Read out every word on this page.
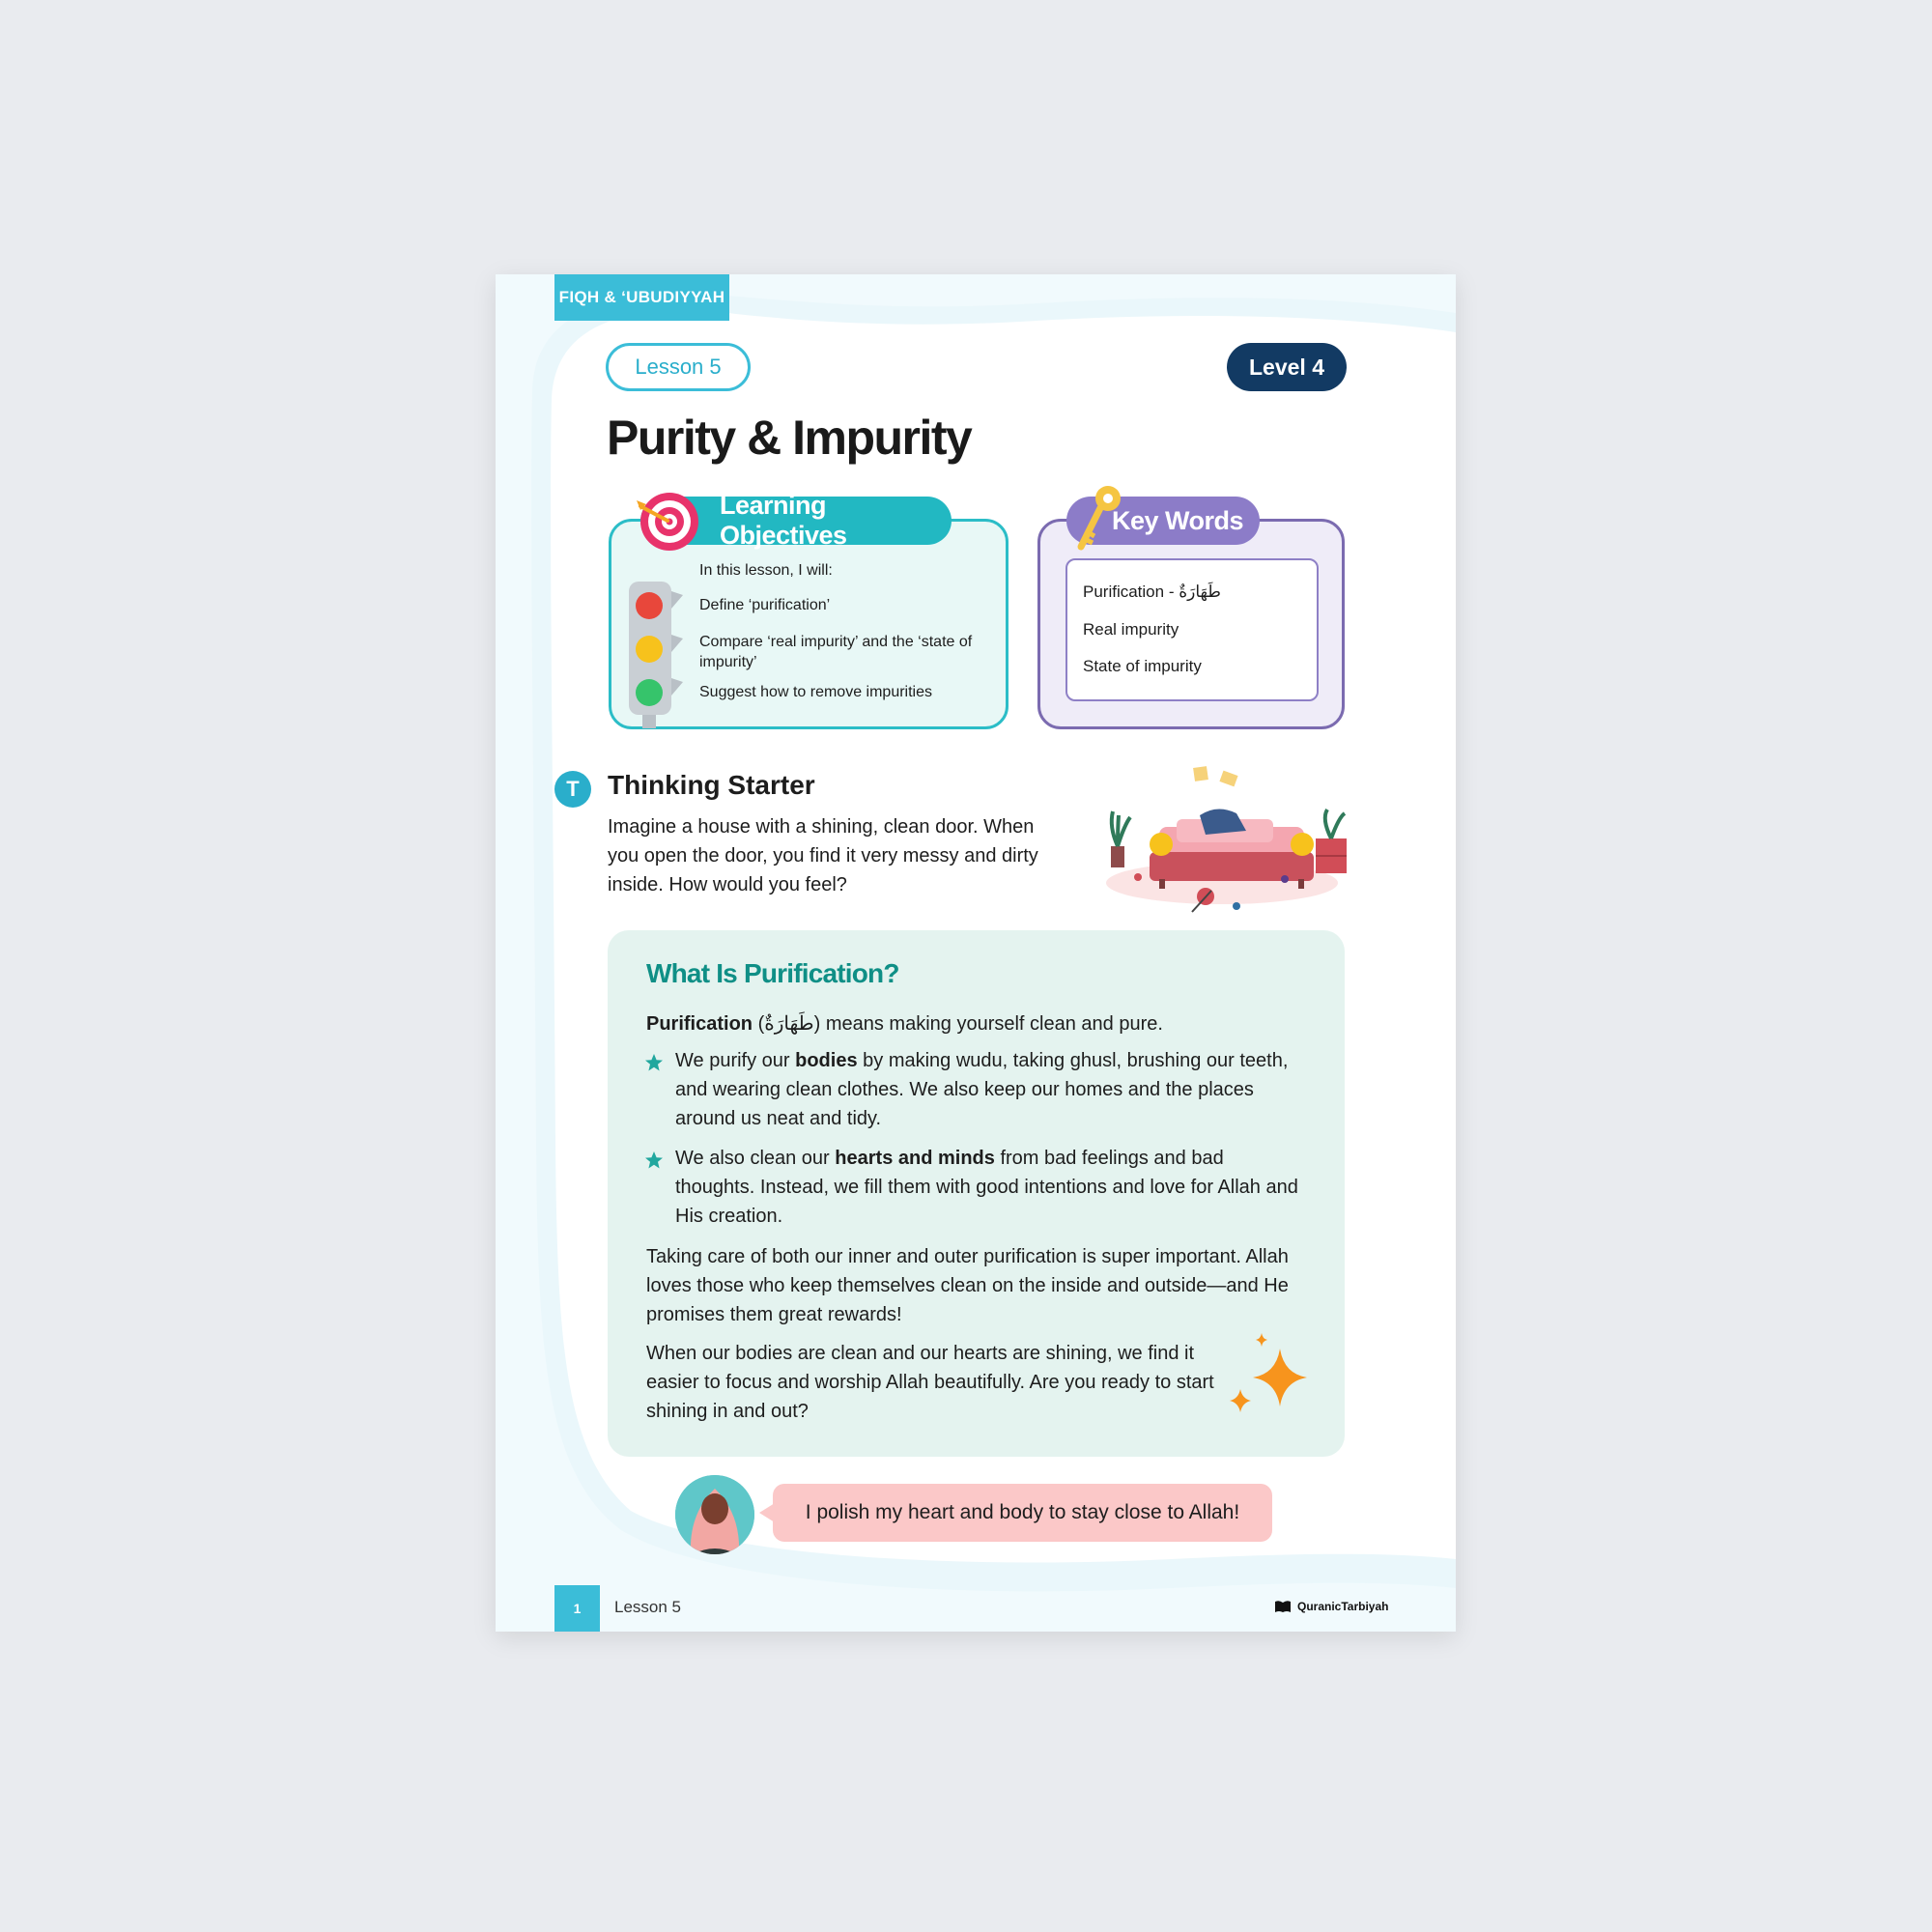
FIQH & ‘UBUDIYYAH
Lesson 5	Level 4
Purity & Impurity
Learning Objectives
In this lesson, I will:
Define ‘purification’
Compare ‘real impurity’ and the ‘state of impurity’
Suggest how to remove impurities
Key Words
Purification - طَهَارَةٌ
Real impurity
State of impurity
T	Thinking Starter
Imagine a house with a shining, clean door. When you open the door, you find it very messy and dirty inside. How would you feel?
What Is Purification?
Purification (طَهَارَةٌ) means making yourself clean and pure.
We purify our bodies by making wudu, taking ghusl, brushing our teeth, and wearing clean clothes. We also keep our homes and the places around us neat and tidy.
We also clean our hearts and minds from bad feelings and bad thoughts. Instead, we fill them with good intentions and love for Allah and His creation.
Taking care of both our inner and outer purification is super important. Allah loves those who keep themselves clean on the inside and outside—and He promises them great rewards!
When our bodies are clean and our hearts are shining, we find it easier to focus and worship Allah beautifully. Are you ready to start shining in and out?
I polish my heart and body to stay close to Allah!
1	Lesson 5	QuranicTarbiyah
